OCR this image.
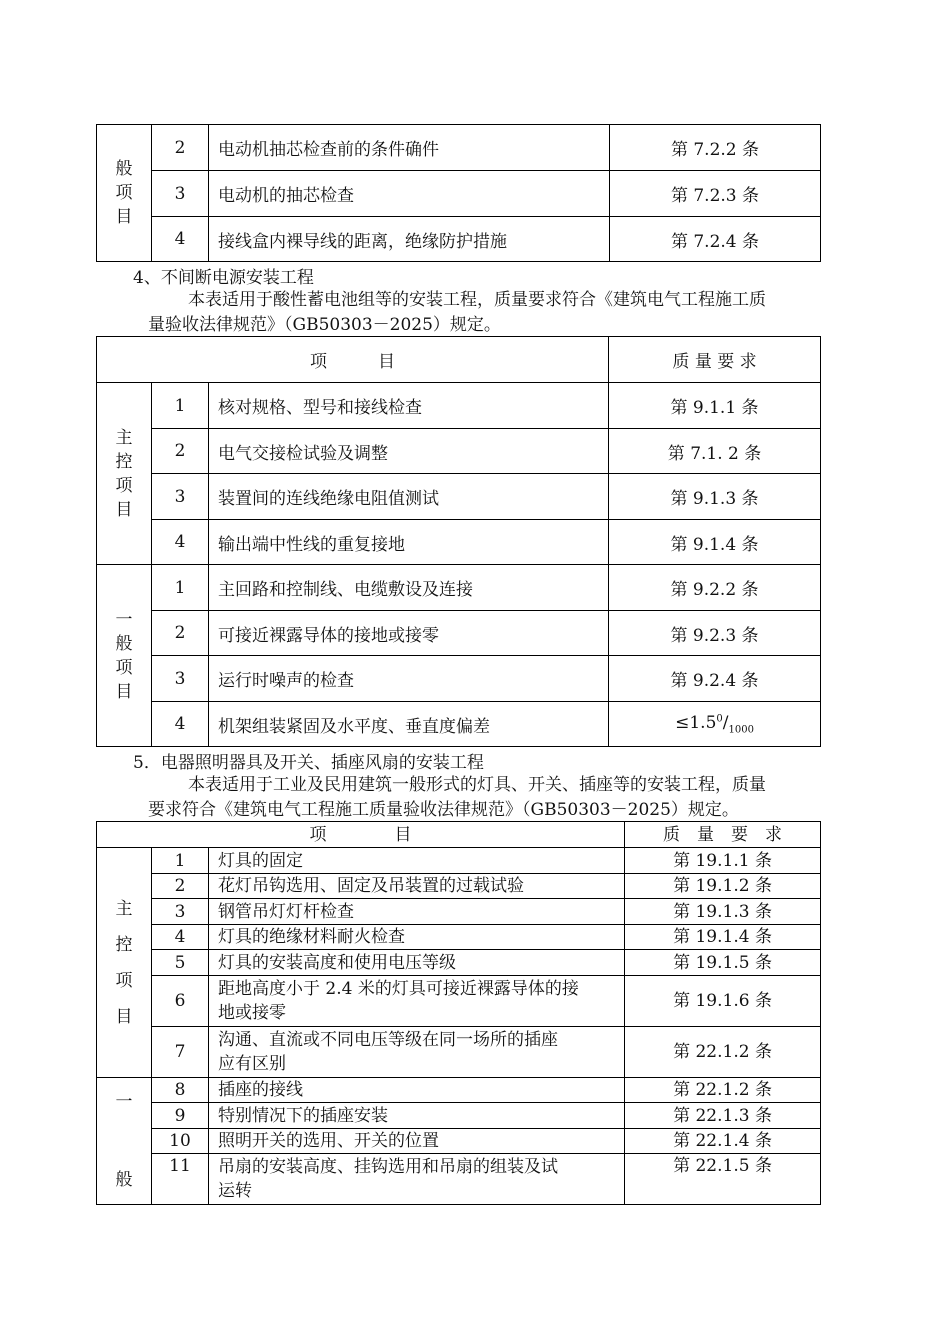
般
项
目	2	电动机抽芯检查前的条件确件	第 7.2.2 条
	3	电动机的抽芯检查	第 7.2.3 条
	4	接线盒内裸导线的距离，绝缘防护措施	第 7.2.4 条
4、不间断电源安装工程
本表适用于酸性蓄电池组等的安装工程，质量要求符合《建筑电气工程施工质
量验收法律规范》（GB50303－2025）规定。
项　　　目			质 量 要 求

主
控
项
目	1	核对规格、型号和接线检查	第 9.1.1 条
	2	电气交接检试验及调整	第 7.1. 2 条
	3	装置间的连线绝缘电阻值测试	第 9.1.3 条
	4	输出端中性线的重复接地	第 9.1.4 条

一
般
项
目	1	主回路和控制线、电缆敷设及连接	第 9.2.2 条
	2	可接近裸露导体的接地或接零	第 9.2.3 条
	3	运行时噪声的检查	第 9.2.4 条
	4	机架组装紧固及水平度、垂直度偏差	$\le 1.5^0/_{1000}$
5．电器照明器具及开关、插座风扇的安装工程
本表适用于工业及民用建筑一般形式的灯具、开关、插座等的安装工程，质量
要求符合《建筑电气工程施工质量验收法律规范》（GB50303－2025）规定。
项　　　　目			质　量　要　求

主
控
项
目	1	灯具的固定	第 19.1.1 条
	2	花灯吊钩选用、固定及吊装置的过载试验	第 19.1.2 条
	3	钢管吊灯灯杆检查	第 19.1.3 条
	4	灯具的绝缘材料耐火检查	第 19.1.4 条
	5	灯具的安装高度和使用电压等级	第 19.1.5 条
	6	距地高度小于 2.4 米的灯具可接近裸露导体的接
地或接零	第 19.1.6 条
	7	沟通、直流或不同电压等级在同一场所的插座
应有区别	第 22.1.2 条

一
般	8	插座的接线	第 22.1.2 条
	9	特别情况下的插座安装	第 22.1.3 条
	10	照明开关的选用、开关的位置	第 22.1.4 条
	11	吊扇的安装高度、挂钩选用和吊扇的组装及试
运转	第 22.1.5 条
